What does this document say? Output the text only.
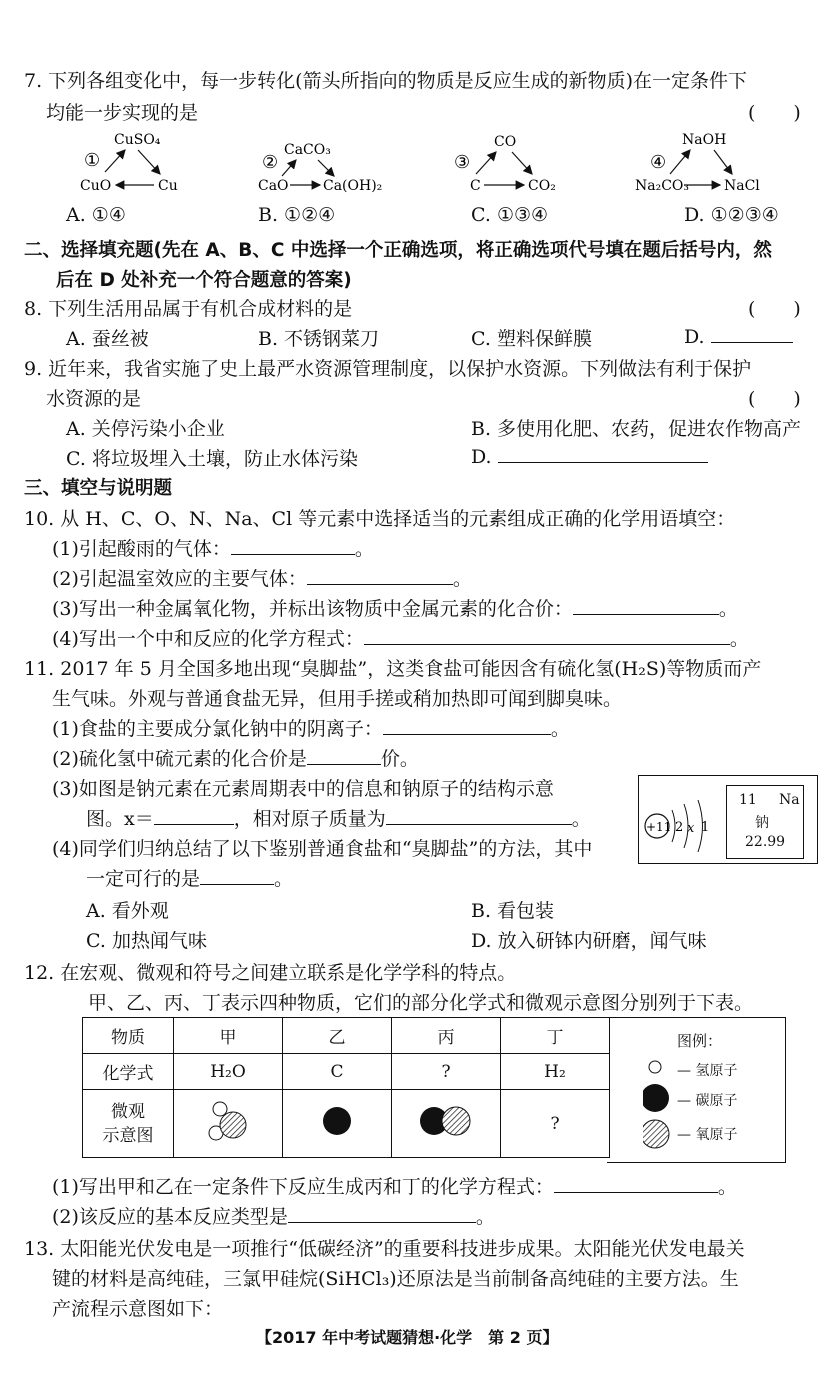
7. 下列各组变化中，每一步转化(箭头所指向的物质是反应生成的新物质)在一定条件下
均能一步实现的是	(　　)
①
CuSO₄
CuO	Cu
②
CaCO₃
CaO Ca(OH)₂
③
CO
C	CO₂
④
NaOH
Na₂CO₃ NaCl
A. ①④	B. ①②④	C. ①③④	D. ①②③④
二、选择填充题(先在 A、B、C 中选择一个正确选项，将正确选项代号填在题后括号内，然
后在 D 处补充一个符合题意的答案)
8. 下列生活用品属于有机合成材料的是	(　　)
A. 蚕丝被	B. 不锈钢菜刀	C. 塑料保鲜膜	D.
9. 近年来，我省实施了史上最严水资源管理制度，以保护水资源。下列做法有利于保护
水资源的是	(　　)
A. 关停污染小企业	B. 多使用化肥、农药，促进农作物高产
C. 将垃圾埋入土壤，防止水体污染	D.
三、填空与说明题
10. 从 H、C、O、N、Na、Cl 等元素中选择适当的元素组成正确的化学用语填空：
(1)引起酸雨的气体：	。
(2)引起温室效应的主要气体：	。
(3)写出一种金属氧化物，并标出该物质中金属元素的化合价：	。
(4)写出一个中和反应的化学方程式：	。
11. 2017 年 5 月全国多地出现“臭脚盐”，这类食盐可能因含有硫化氢(H₂S)等物质而产
生气味。外观与普通食盐无异，但用手搓或稍加热即可闻到脚臭味。
(1)食盐的主要成分氯化钠中的阴离子：	。
(2)硫化氢中硫元素的化合价是	价。
(3)如图是钠元素在元素周期表中的信息和钠原子的结构示意
图。x＝	，相对原子质量为	。
(4)同学们归纳总结了以下鉴别普通食盐和“臭脚盐”的方法，其中
一定可行的是	。
A. 看外观	B. 看包装
C. 加热闻气味	D. 放入研钵内研磨，闻气味
+11 2 x 1
11 Na
钠
22.99
12. 在宏观、微观和符号之间建立联系是化学学科的特点。
甲、乙、丙、丁表示四种物质，它们的部分化学式和微观示意图分别列于下表。
物质	甲	乙	丙	丁
化学式	H₂O	C	?	H₂
微观
示意图				?
图例：
— 氢原子
— 碳原子
— 氧原子
(1)写出甲和乙在一定条件下反应生成丙和丁的化学方程式：	。
(2)该反应的基本反应类型是	。
13. 太阳能光伏发电是一项推行“低碳经济”的重要科技进步成果。太阳能光伏发电最关
键的材料是高纯硅，三氯甲硅烷(SiHCl₃)还原法是当前制备高纯硅的主要方法。生
产流程示意图如下：
【2017 年中考试题猜想·化学　第 2 页】
